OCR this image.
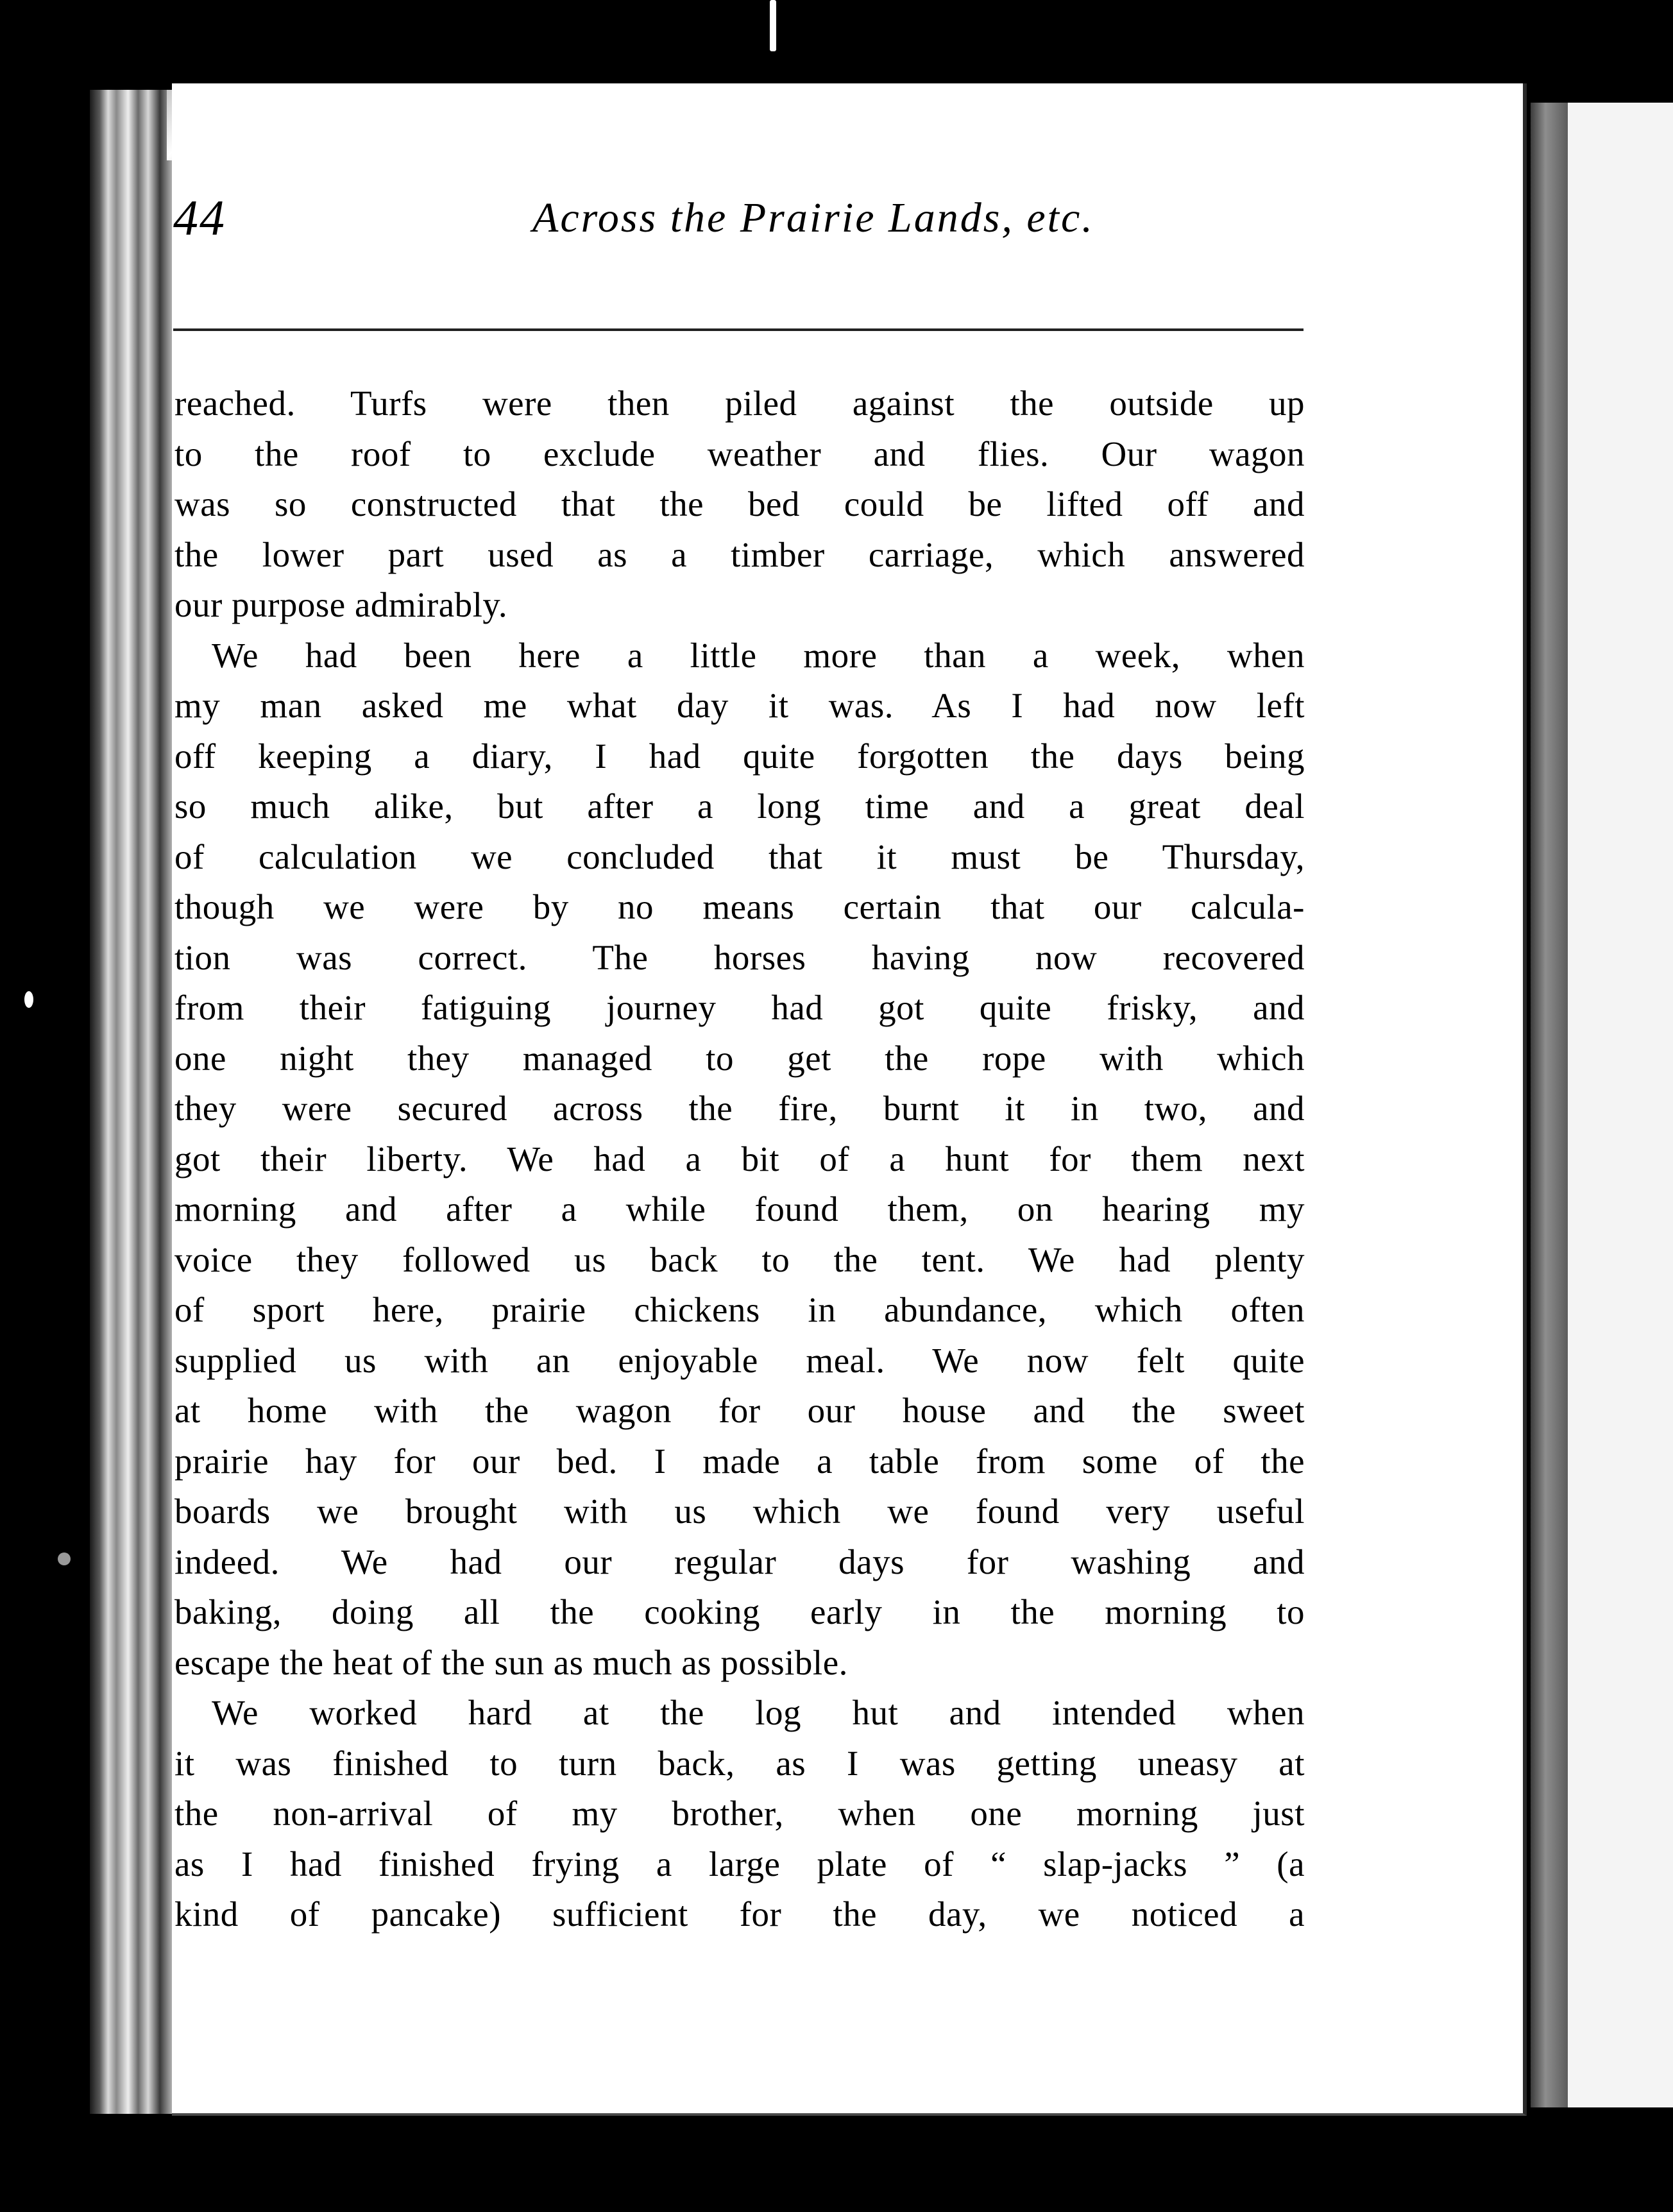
44	Across the Prairie Lands, etc.
reached. Turfs were then piled against the outside up
to the roof to exclude weather and flies. Our wagon
was so constructed that the bed could be lifted off and
the lower part used as a timber carriage, which answered
our purpose admirably.
We had been here a little more than a week, when
my man asked me what day it was. As I had now left
off keeping a diary, I had quite forgotten the days being
so much alike, but after a long time and a great deal
of calculation we concluded that it must be Thursday,
though we were by no means certain that our calcula-
tion was correct. The horses having now recovered
from their fatiguing journey had got quite frisky, and
one night they managed to get the rope with which
they were secured across the fire, burnt it in two, and
got their liberty. We had a bit of a hunt for them next
morning and after a while found them, on hearing my
voice they followed us back to the tent. We had plenty
of sport here, prairie chickens in abundance, which often
supplied us with an enjoyable meal. We now felt quite
at home with the wagon for our house and the sweet
prairie hay for our bed. I made a table from some of the
boards we brought with us which we found very useful
indeed. We had our regular days for washing and
baking, doing all the cooking early in the morning to
escape the heat of the sun as much as possible.
We worked hard at the log hut and intended when
it was finished to turn back, as I was getting uneasy at
the non-arrival of my brother, when one morning just
as I had finished frying a large plate of “ slap-jacks ” (a
kind of pancake) sufficient for the day, we noticed a
